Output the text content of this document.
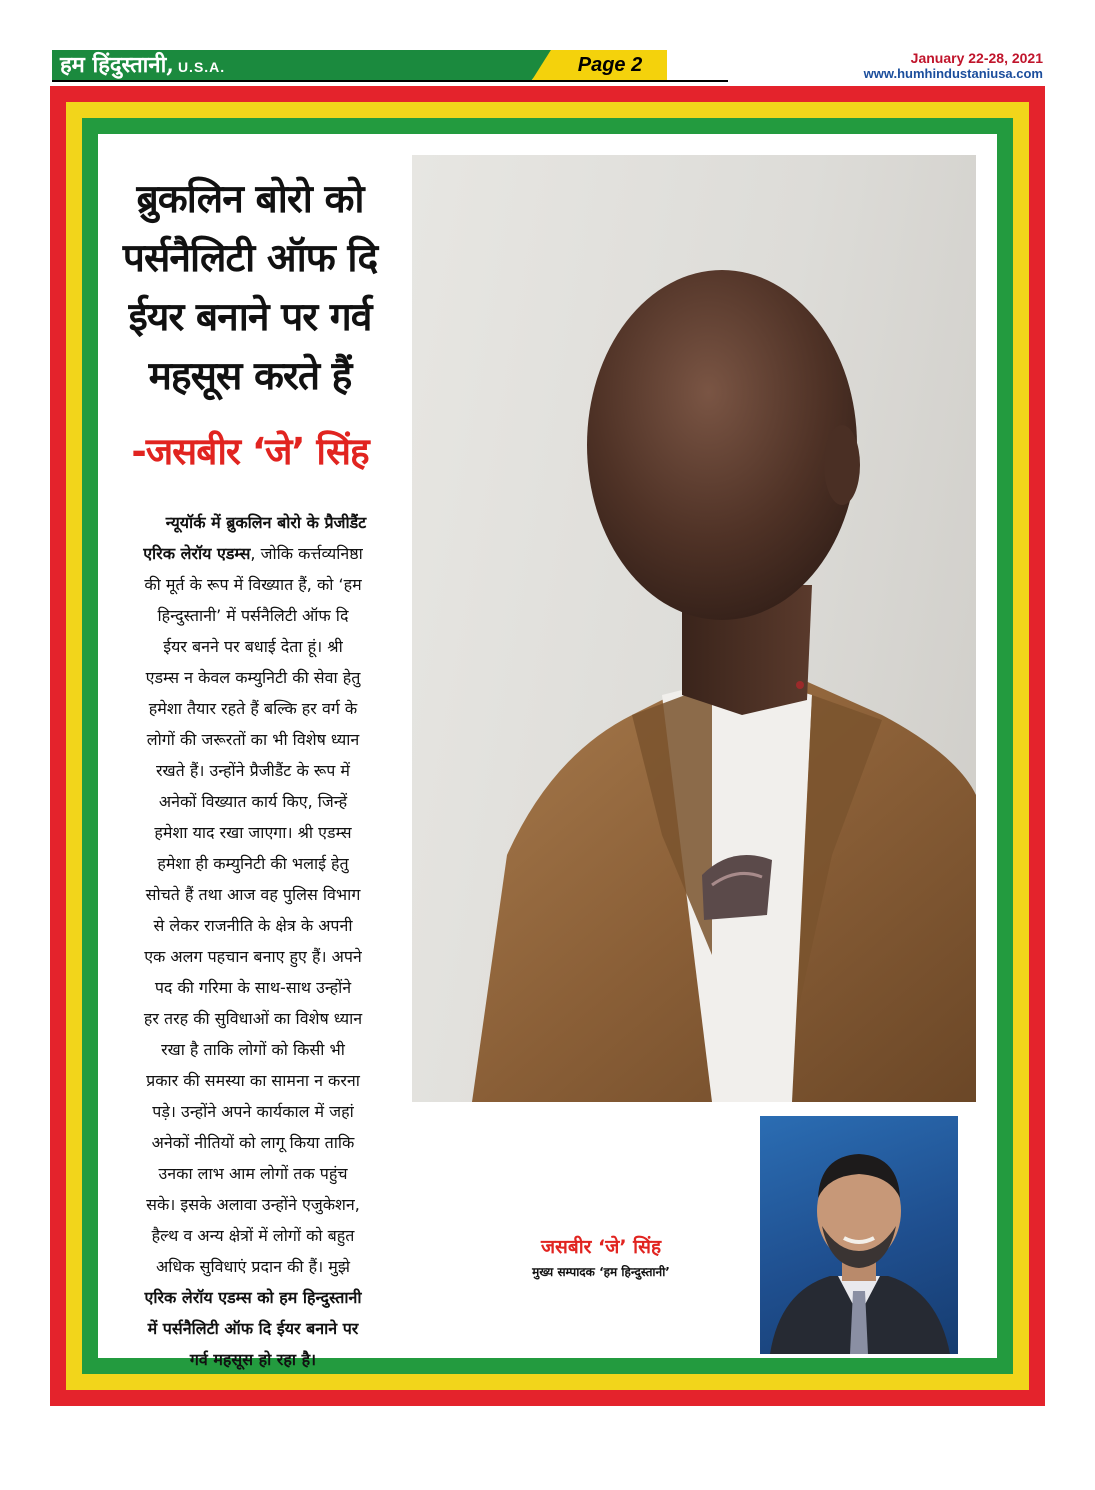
हम हिंदुस्तानी, U.S.A.	Page 2	January 22-28, 2021
www.humhindustaniusa.com
ब्रुकलिन बोरो को
पर्सनैलिटी ऑफ दि
ईयर बनाने पर गर्व
महसूस करते हैं
-जसबीर ‘जे’ सिंह
न्यूयॉर्क में ब्रुकलिन बोरो के प्रैजीडैंट
एरिक लेरॉय एडम्स, जोकि कर्त्तव्यनिष्ठा
की मूर्त के रूप में विख्यात हैं, को ‘हम
हिन्दुस्तानी’ में पर्सनैलिटी ऑफ दि
ईयर बनने पर बधाई देता हूं। श्री
एडम्स न केवल कम्युनिटी की सेवा हेतु
हमेशा तैयार रहते हैं बल्कि हर वर्ग के
लोगों की जरूरतों का भी विशेष ध्यान
रखते हैं। उन्होंने प्रैजीडैंट के रूप में
अनेकों विख्यात कार्य किए, जिन्हें
हमेशा याद रखा जाएगा। श्री एडम्स
हमेशा ही कम्युनिटी की भलाई हेतु
सोचते हैं तथा आज वह पुलिस विभाग
से लेकर राजनीति के क्षेत्र के अपनी
एक अलग पहचान बनाए हुए हैं। अपने
पद की गरिमा के साथ-साथ उन्होंने
हर तरह की सुविधाओं का विशेष ध्यान
रखा है ताकि लोगों को किसी भी
प्रकार की समस्या का सामना न करना
पड़े। उन्होंने अपने कार्यकाल में जहां
अनेकों नीतियों को लागू किया ताकि
उनका लाभ आम लोगों तक पहुंच
सके। इसके अलावा उन्होंने एजुकेशन,
हैल्थ व अन्य क्षेत्रों में लोगों को बहुत
अधिक सुविधाएं प्रदान की हैं। मुझे
एरिक लेरॉय एडम्स को हम हिन्दुस्तानी
में पर्सनैलिटी ऑफ दि ईयर बनाने पर
गर्व महसूस हो रहा है।
जसबीर ‘जे’ सिंह
मुख्य सम्पादक ‘हम हिन्दुस्तानी’
